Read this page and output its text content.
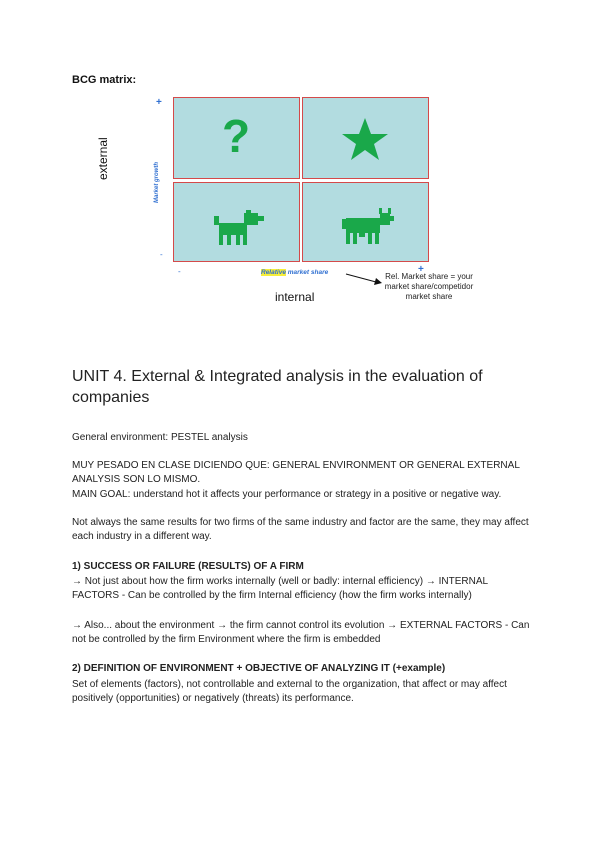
BCG matrix:
external
Market growth
+
-
-	+
?
Relative market share	Rel. Market share = your market share/competidor market share
internal
UNIT 4. External & Integrated analysis in the evaluation of companies
General environment: PESTEL analysis
MUY PESADO EN CLASE DICIENDO QUE: GENERAL ENVIRONMENT OR GENERAL EXTERNAL ANALYSIS SON LO MISMO.
MAIN GOAL: understand hot it affects your performance or strategy in a positive or negative way.
Not always the same results for two firms of the same industry and factor are the same, they may affect each industry in a different way.
1) SUCCESS OR FAILURE (RESULTS) OF A FIRM
→ Not just about how the firm works internally (well or badly: internal efficiency) → INTERNAL FACTORS - Can be controlled by the firm Internal efficiency (how the firm works internally)
→ Also... about the environment → the firm cannot control its evolution → EXTERNAL FACTORS - Can not be controlled by the firm Environment where the firm is embedded
2) DEFINITION OF ENVIRONMENT + OBJECTIVE OF ANALYZING IT (+example)
Set of elements (factors), not controllable and external to the organization, that affect or may affect positively (opportunities) or negatively (threats) its performance.
